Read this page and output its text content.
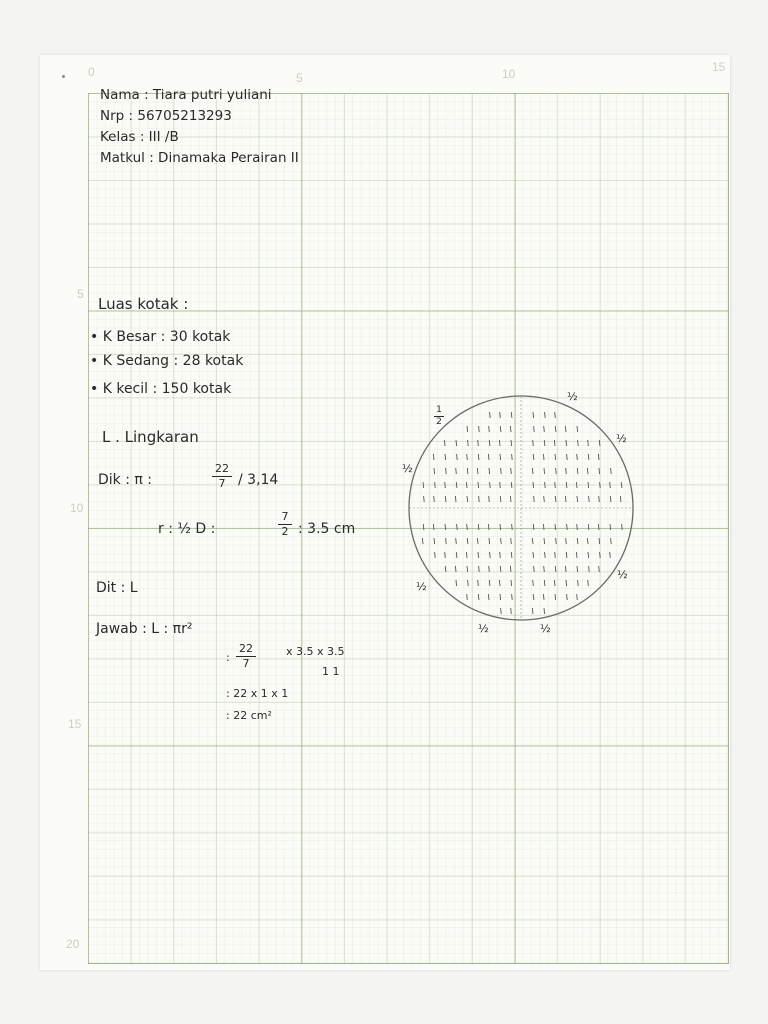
0	5	10	15
5
10
15
20
Nama : Tiara putri yuliani
Nrp : 56705213293
Kelas : III /B
Matkul : Dinamaka Perairan II
Luas kotak :
• K Besar : 30 kotak
• K Sedang : 28 kotak
• K kecil : 150 kotak
L . Lingkaran
Dik : π :
22
7 / 3,14
r : ½ D :
7
2 : 3.5 cm
Dit : L
Jawab : L : πr²
:
22
7
x 3.5 x 3.5
1 1
: 22 x 1 x 1
: 22 cm²
½
½
½
½
½
½	½
1
2
